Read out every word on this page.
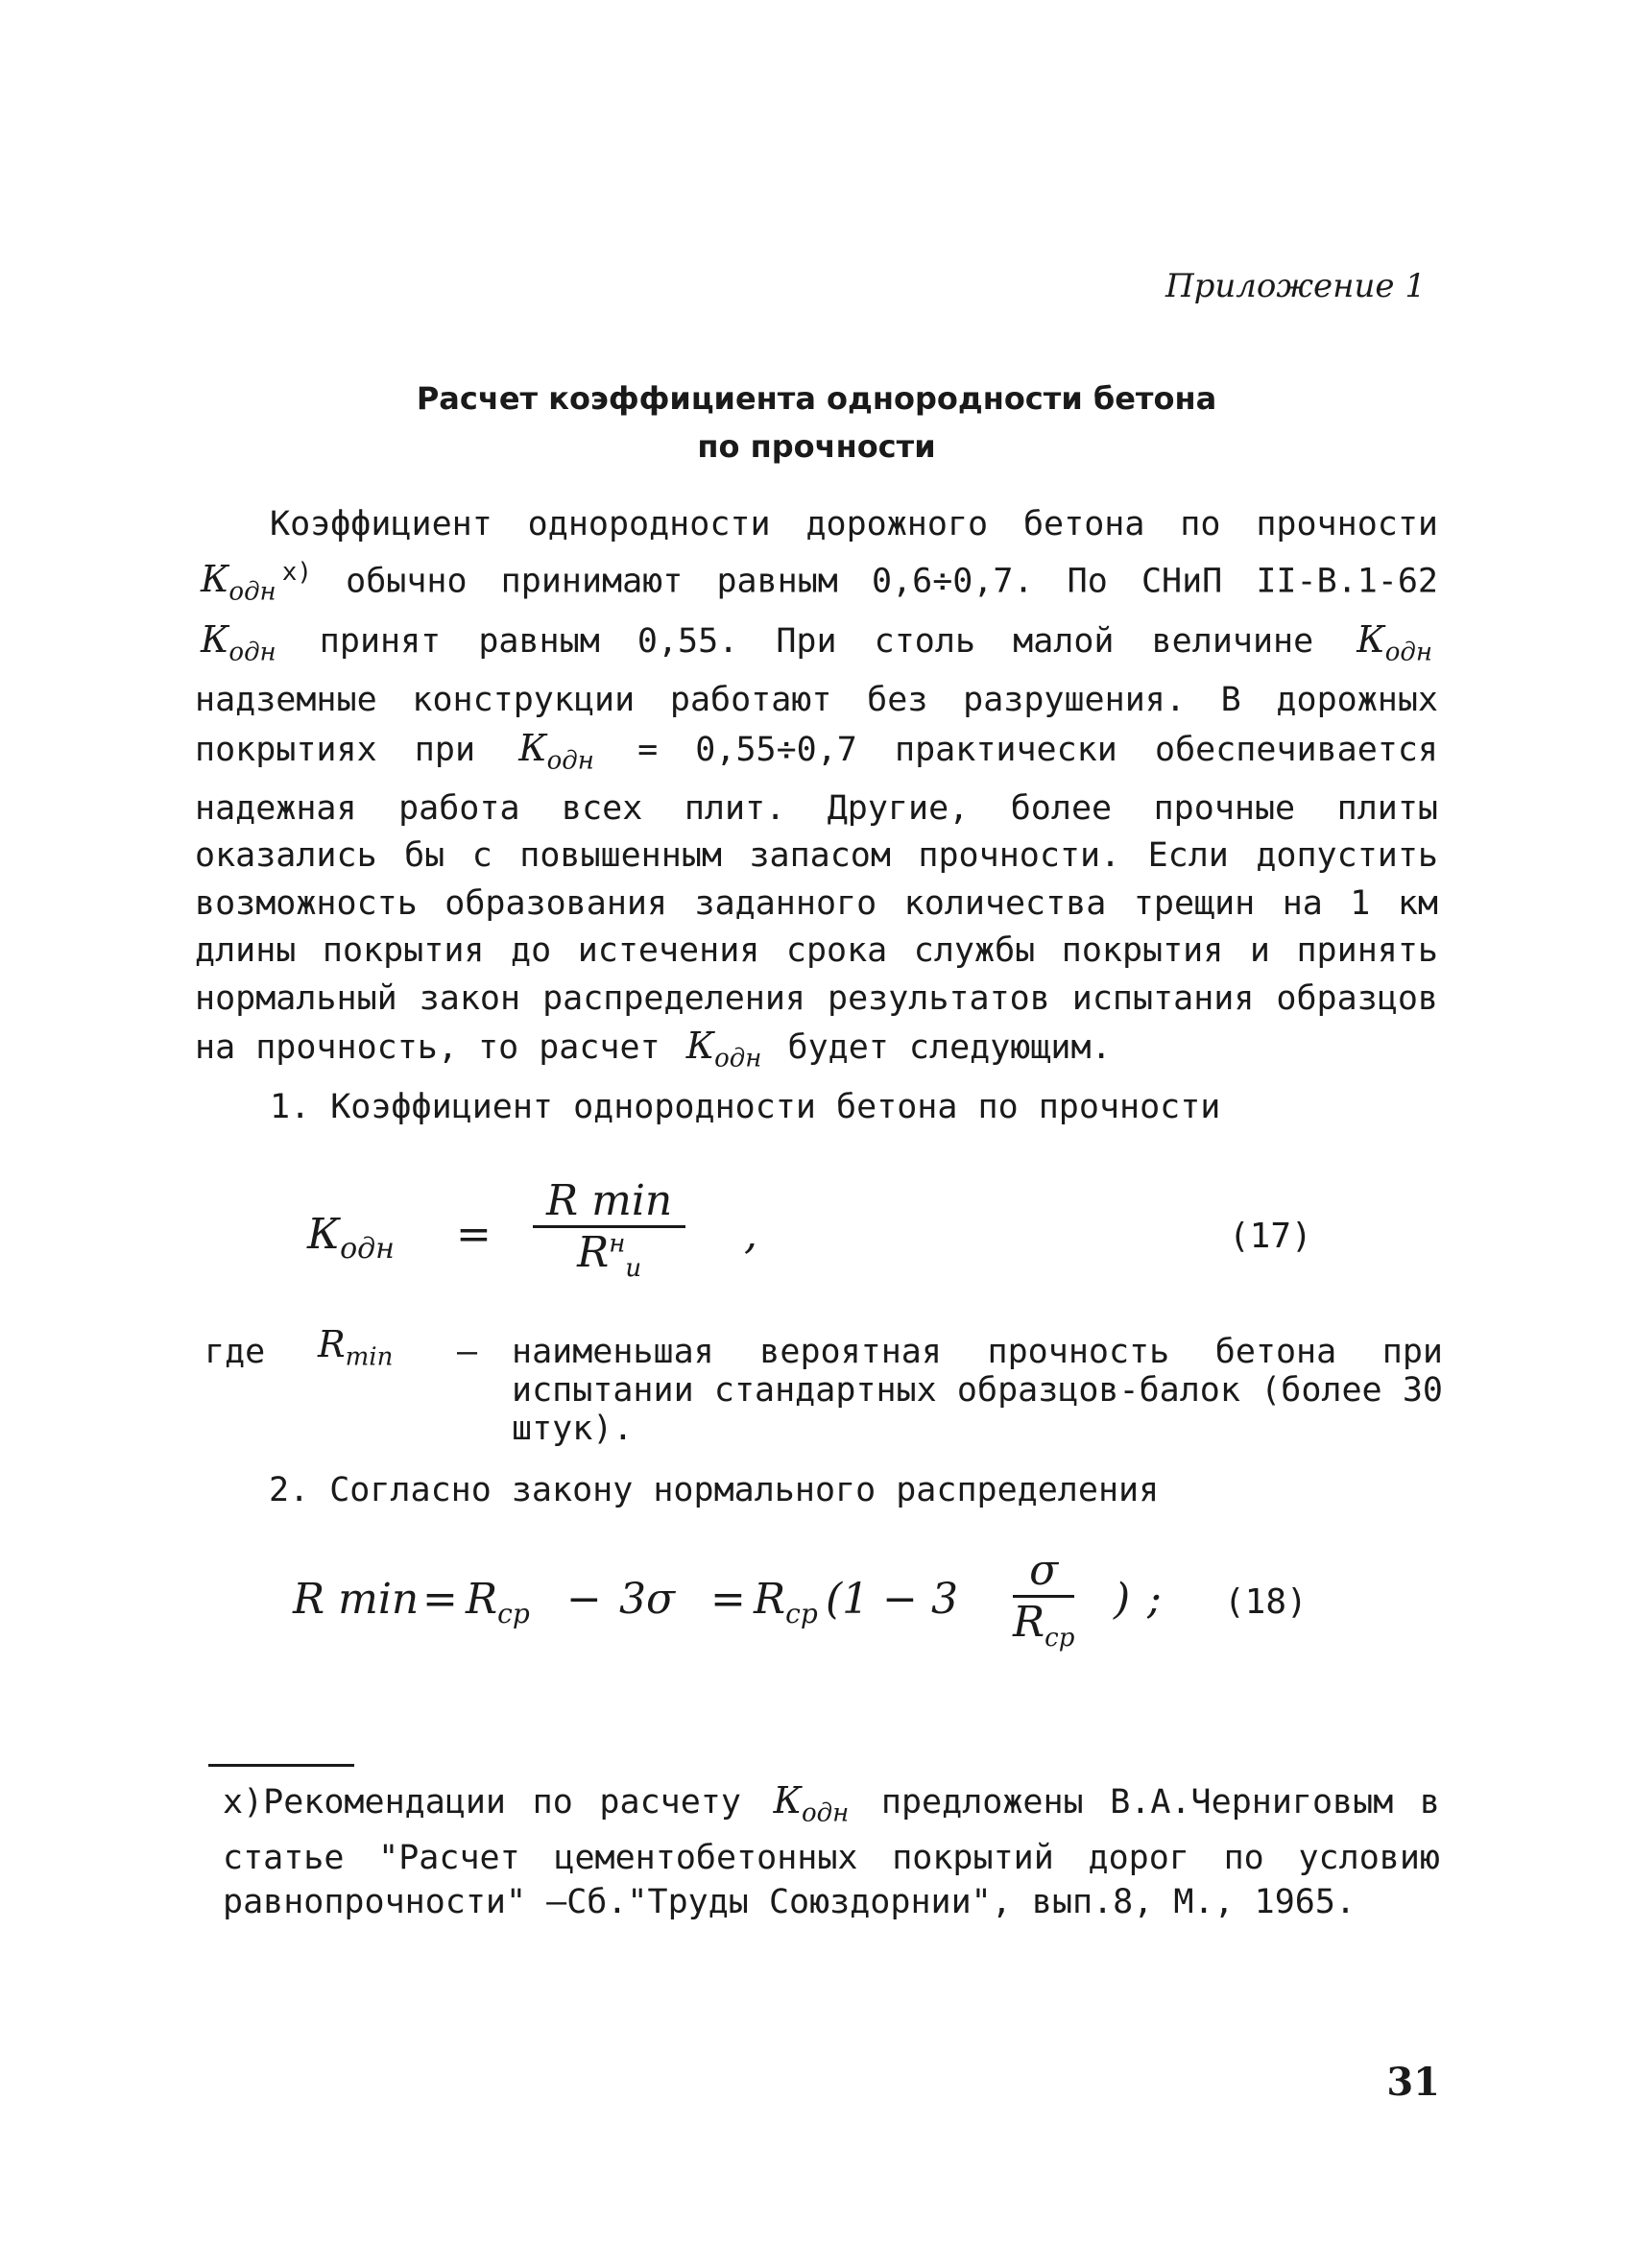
Приложение 1
Расчет коэффициента однородности бетона
по прочности

Коэффициент однородности дорожного бетона по прочности $К_{одн}^{x)}$ обычно принимают равным 0,6÷0,7. По СНиП II-В.1-62 $К_{одн}$ принят равным 0,55. При столь малой величине $К_{одн}$ надземные конструкции работают без разрушения. В дорожных покрытиях при $К_{одн} = 0,55\div 0,7$ практически обеспечивается надежная работа всех плит. Другие, более прочные плиты оказались бы с повышенным запасом прочности. Если допустить возможность образования заданного количества трещин на 1 км длины покрытия до истечения срока службы покрытия и принять нормальный закон распределения результатов испытания образцов на прочность, то расчет $К_{одн}$ будет следующим.

1. Коэффициент однородности бетона по прочности

$К_{одн}$ =
R min
$R^н_и$
,	(17)
где $R_{min}$ – наименьшая вероятная прочность бетона при испытании стандартных образцов-балок (более 30 штук).
2. Согласно закону нормального распределения
R $\min = R_{ср} - 3\sigma = R_{ср}$ (1 − 3
σ
$R_{ср}$
) ; (18)

x)Рекомендации по расчету $К_{одн}$ предложены В.А.Черниговым в статье "Расчет цементобетонных покрытий дорог по условию равнопрочности" –Сб."Труды Союздорнии", вып.8, М., 1965.

31
